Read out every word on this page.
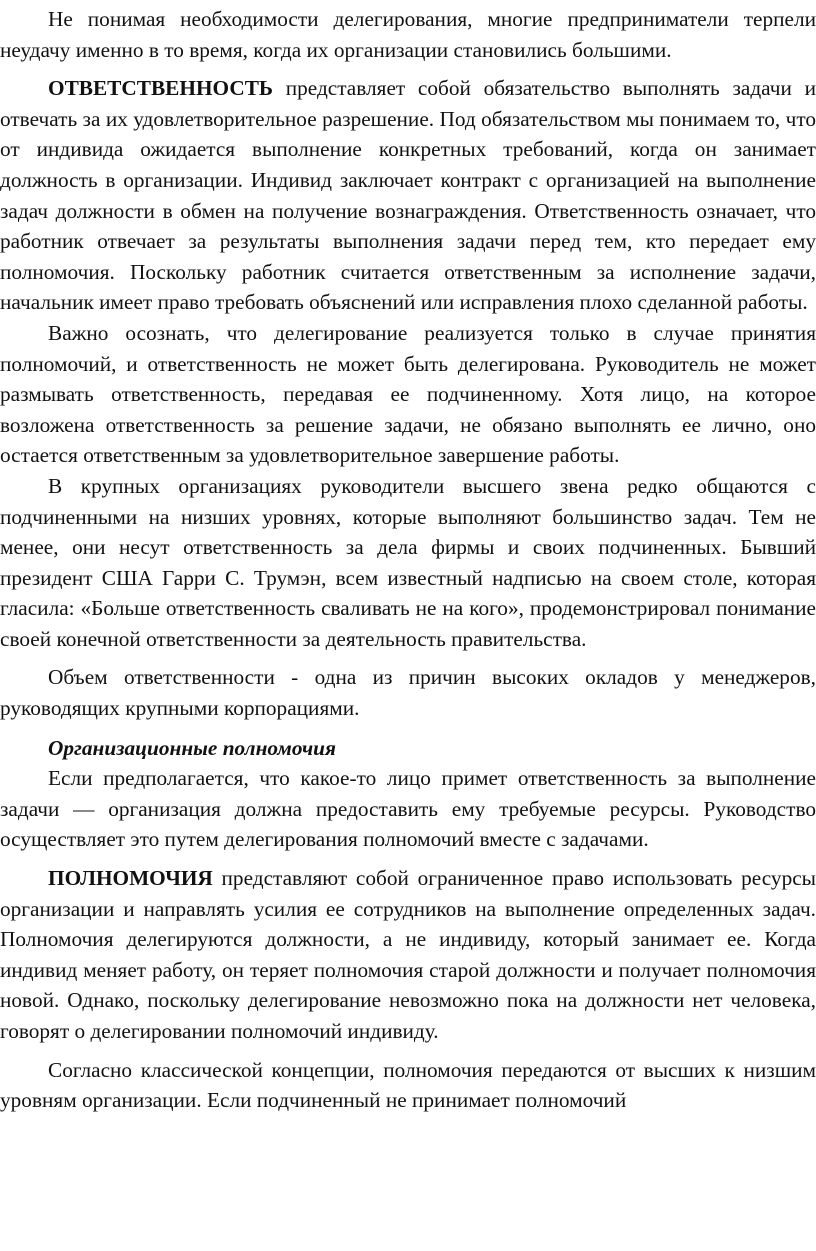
Не понимая необходимости делегирования, многие предприниматели терпели неудачу именно в то время, когда их организации становились большими.

ОТВЕТСТВЕННОСТЬ представляет собой обязательство выполнять задачи и отвечать за их удовлетворительное разрешение. Под обязательством мы понимаем то, что от индивида ожидается выполнение конкретных требований, когда он занимает должность в организации. Индивид заключает контракт с организацией на выполнение задач должности в обмен на получение вознаграждения. Ответственность означает, что работник отвечает за результаты выполнения задачи перед тем, кто передает ему полномочия. Поскольку работник считается ответственным за исполнение задачи, начальник имеет право требовать объяснений или исправления плохо сделанной работы.

Важно осознать, что делегирование реализуется только в случае принятия полномочий, и ответственность не может быть делегирована. Руководитель не может размывать ответственность, передавая ее подчиненному. Хотя лицо, на которое возложена ответственность за решение задачи, не обязано выполнять ее лично, оно остается ответственным за удовлетворительное завершение работы.

В крупных организациях руководители высшего звена редко общаются с подчиненными на низших уровнях, которые выполняют большинство задач. Тем не менее, они несут ответственность за дела фирмы и своих подчиненных. Бывший президент США Гарри С. Трумэн, всем известный надписью на своем столе, которая гласила: «Больше ответственность сваливать не на кого», продемонстрировал понимание своей конечной ответственности за деятельность правительства.

Объем ответственности - одна из причин высоких окладов у менеджеров, руководящих крупными корпорациями.

Организационные полномочия

Если предполагается, что какое-то лицо примет ответственность за выполнение задачи — организация должна предоставить ему требуемые ресурсы. Руководство осуществляет это путем делегирования полномочий вместе с задачами.

ПОЛНОМОЧИЯ представляют собой ограниченное право использовать ресурсы организации и направлять усилия ее сотрудников на выполнение определенных задач. Полномочия делегируются должности, а не индивиду, который занимает ее. Когда индивид меняет работу, он теряет полномочия старой должности и получает полномочия новой. Однако, поскольку делегирование невозможно пока на должности нет человека, говорят о делегировании полномочий индивиду.

Согласно классической концепции, полномочия передаются от высших к низшим уровням организации. Если подчиненный не принимает полномочий
